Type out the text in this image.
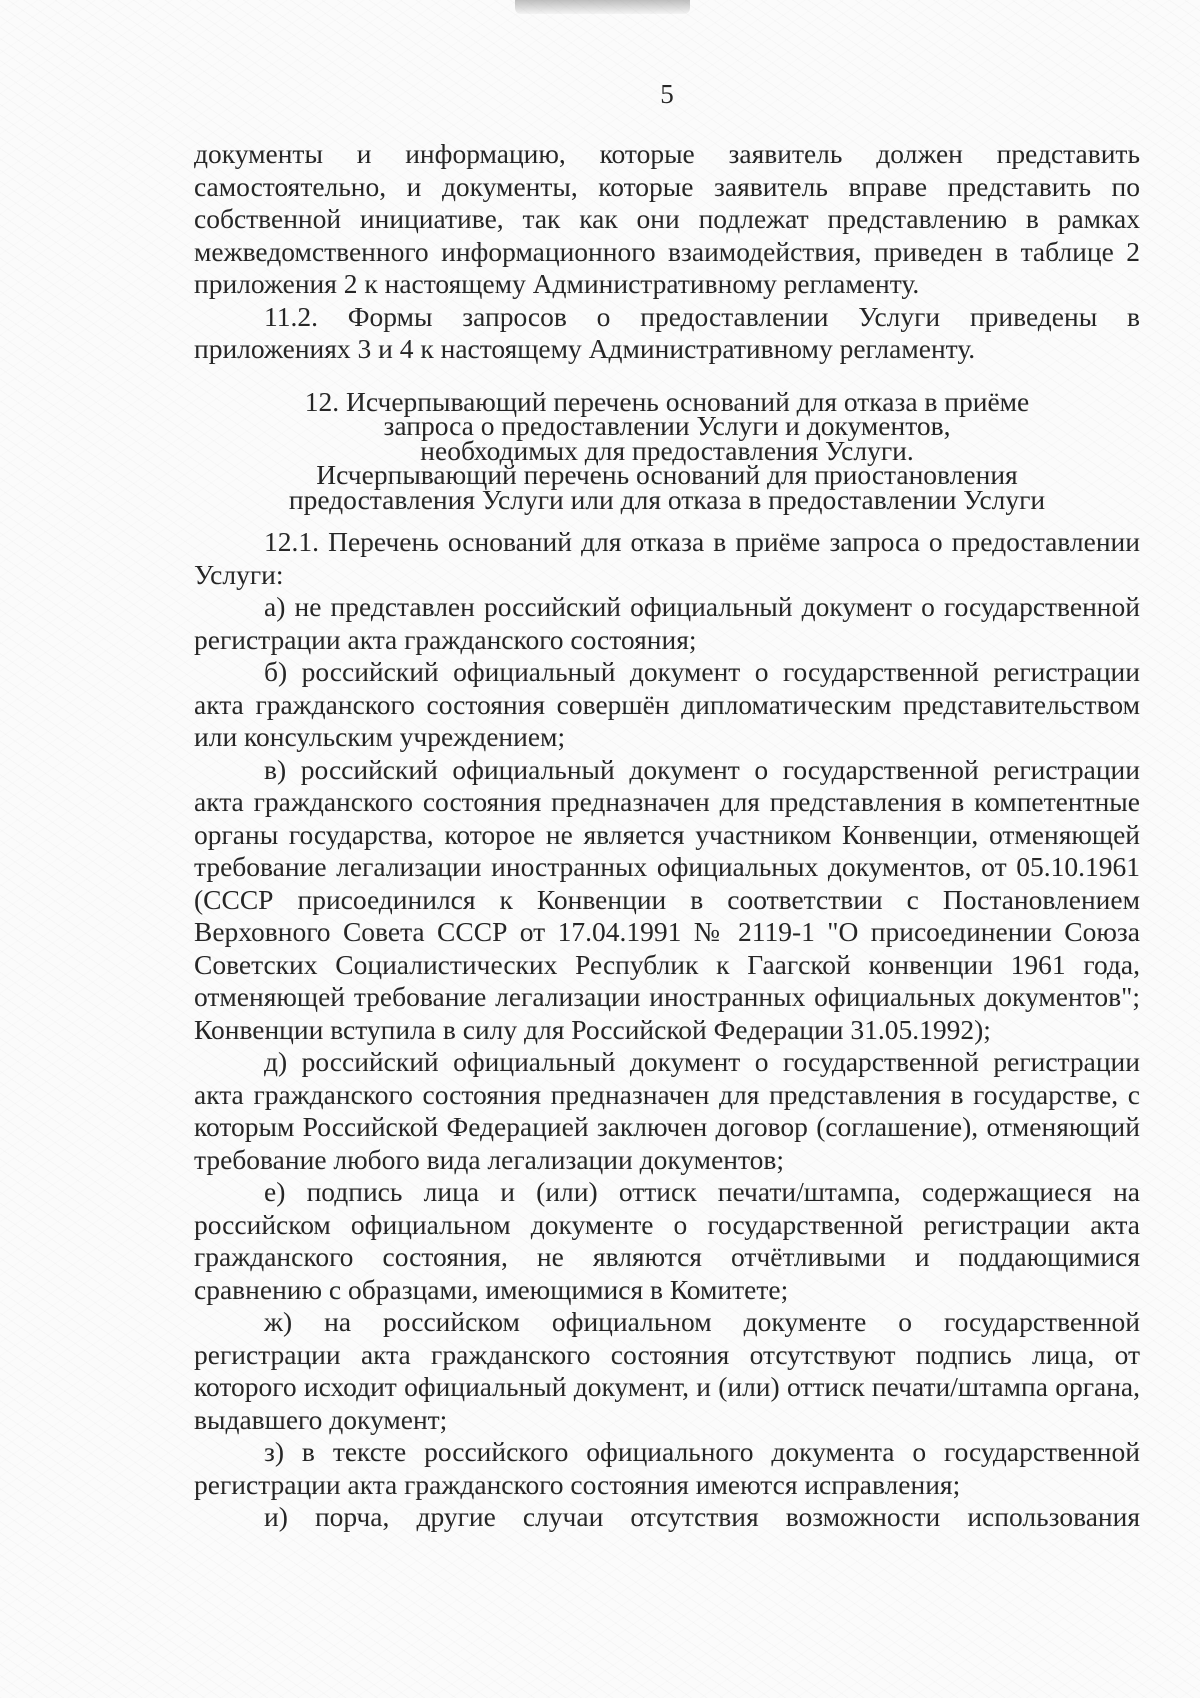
5

документы и информацию, которые заявитель должен представить самостоятельно, и документы, которые заявитель вправе представить по собственной инициативе, так как они подлежат представлению в рамках межведомственного информационного взаимодействия, приведен в таблице 2 приложения 2 к настоящему Административному регламенту.

11.2. Формы запросов о предоставлении Услуги приведены в приложениях 3 и 4 к настоящему Административному регламенту.

12. Исчерпывающий перечень оснований для отказа в приёме
запроса о предоставлении Услуги и документов,
необходимых для предоставления Услуги.
Исчерпывающий перечень оснований для приостановления
предоставления Услуги или для отказа в предоставлении Услуги

12.1. Перечень оснований для отказа в приёме запроса о предоставлении Услуги:

а) не представлен российский официальный документ о государственной регистрации акта гражданского состояния;

б) российский официальный документ о государственной регистрации акта гражданского состояния совершён дипломатическим представительством или консульским учреждением;

в) российский официальный документ о государственной регистрации акта гражданского состояния предназначен для представления в компетентные органы государства, которое не является участником Конвенции, отменяющей требование легализации иностранных официальных документов, от 05.10.1961 (СССР присоединился к Конвенции в соответствии с Постановлением Верховного Совета СССР от 17.04.1991 № 2119-1 "О присоединении Союза Советских Социалистических Республик к Гаагской конвенции 1961 года, отменяющей требование легализации иностранных официальных документов"; Конвенции вступила в силу для Российской Федерации 31.05.1992);

д) российский официальный документ о государственной регистрации акта гражданского состояния предназначен для представления в государстве, с которым Российской Федерацией заключен договор (соглашение), отменяющий требование любого вида легализации документов;

е) подпись лица и (или) оттиск печати/штампа, содержащиеся на российском официальном документе о государственной регистрации акта гражданского состояния, не являются отчётливыми и поддающимися сравнению с образцами, имеющимися в Комитете;

ж) на российском официальном документе о государственной регистрации акта гражданского состояния отсутствуют подпись лица, от которого исходит официальный документ, и (или) оттиск печати/штампа органа, выдавшего документ;

з) в тексте российского официального документа о государственной регистрации акта гражданского состояния имеются исправления;

и) порча, другие случаи отсутствия возможности использования
